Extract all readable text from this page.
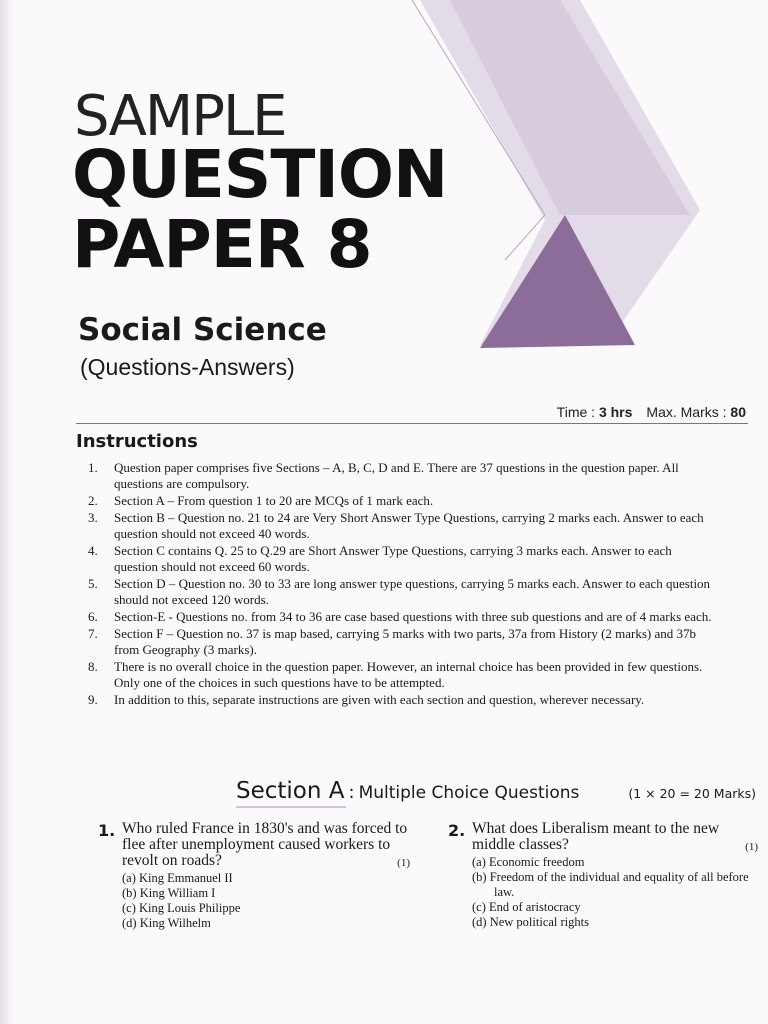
SAMPLE
QUESTION
PAPER 8
Social Science
(Questions-Answers)
Time : 3 hrs Max. Marks : 80
Instructions
1.	Question paper comprises five Sections – A, B, C, D and E. There are 37 questions in the question paper. All questions are compulsory.
2.	Section A – From question 1 to 20 are MCQs of 1 mark each.
3.	Section B – Question no. 21 to 24 are Very Short Answer Type Questions, carrying 2 marks each. Answer to each question should not exceed 40 words.
4.	Section C contains Q. 25 to Q.29 are Short Answer Type Questions, carrying 3 marks each. Answer to each question should not exceed 60 words.
5.	Section D – Question no. 30 to 33 are long answer type questions, carrying 5 marks each. Answer to each question should not exceed 120 words.
6.	Section-E - Questions no. from 34 to 36 are case based questions with three sub questions and are of 4 marks each.
7.	Section F – Question no. 37 is map based, carrying 5 marks with two parts, 37a from History (2 marks) and 37b from Geography (3 marks).
8.	There is no overall choice in the question paper. However, an internal choice has been provided in few questions. Only one of the choices in such questions have to be attempted.
9.	In addition to this, separate instructions are given with each section and question, wherever necessary.
Section A : Multiple Choice Questions	(1 × 20 = 20 Marks)
1. Who ruled France in 1830's and was forced to flee after unemployment caused workers to revolt on roads?	(1)
(a) King Emmanuel II
(b) King William I
(c) King Louis Philippe
(d) King Wilhelm
2. What does Liberalism meant to the new middle classes?	(1)
(a) Economic freedom
(b) Freedom of the individual and equality of all before law.
(c) End of aristocracy
(d) New political rights
